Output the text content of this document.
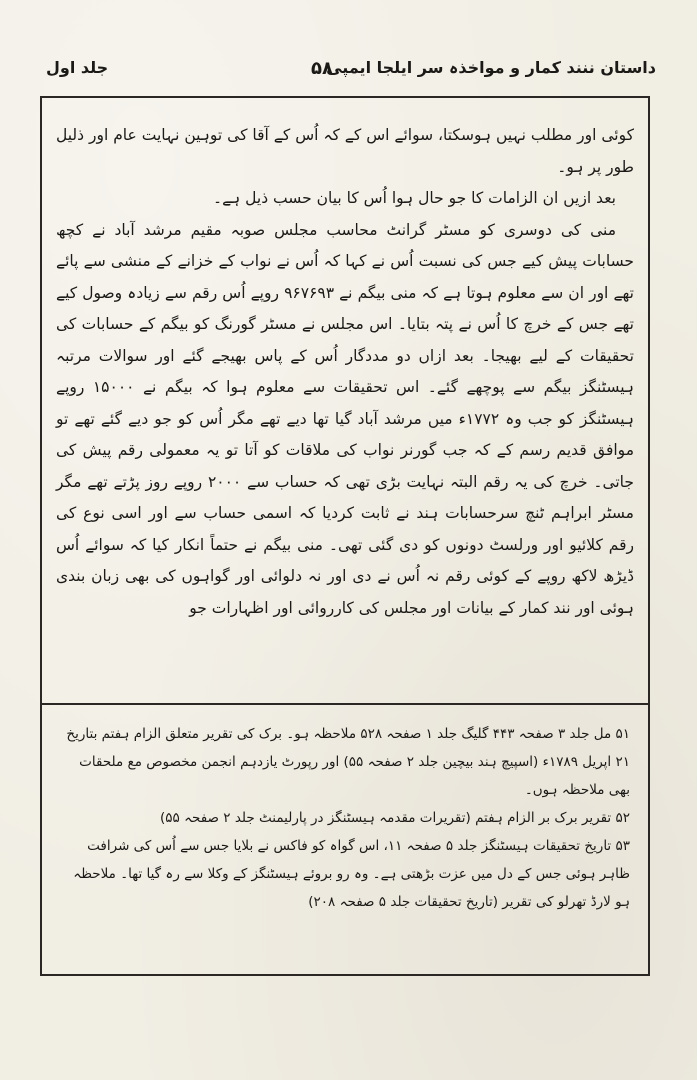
داستان ننند کمار و مواخذہ سر ایلجا ایمپی
۵۸
جلد اول

کوئی اور مطلب نہیں ہوسکتا، سوائے اس کے کہ اُس کے آقا کی توہین نہایت عام اور ذلیل طور پر ہو۔

بعد ازیں ان الزامات کا جو حال ہوا اُس کا بیان حسب ذیل ہے۔

منی کی دوسری کو مسٹر گرانٹ محاسب مجلس صوبہ مقیم مرشد آباد نے کچھ حسابات پیش کیے جس کی نسبت اُس نے کہا کہ اُس نے نواب کے خزانے کے منشی سے پائے تھے اور ان سے معلوم ہوتا ہے کہ منی بیگم نے ۹۶۷۶۹۳ روپے اُس رقم سے زیادہ وصول کیے تھے جس کے خرچ کا اُس نے پتہ بتایا۔ اس مجلس نے مسٹر گورنگ کو بیگم کے حسابات کی تحقیقات کے لیے بھیجا۔ بعد ازاں دو مددگار اُس کے پاس بھیجے گئے اور سوالات مرتبہ ہیسٹنگز بیگم سے پوچھے گئے۔ اس تحقیقات سے معلوم ہوا کہ بیگم نے ۱۵۰۰۰ روپے ہیسٹنگز کو جب وہ ۱۷۷۲ء میں مرشد آباد گیا تھا دیے تھے مگر اُس کو جو دیے گئے تھے تو موافق قدیم رسم کے کہ جب گورنر نواب کی ملاقات کو آتا تو یہ معمولی رقم پیش کی جاتی۔ خرچ کی یہ رقم البتہ نہایت بڑی تھی کہ حساب سے ۲۰۰۰ روپے روز پڑتے تھے مگر مسٹر ابراہم ٹنچ سرحسابات ہند نے ثابت کردیا کہ اسمی حساب سے اور اسی نوع کی رقم کلائیو اور ورلسٹ دونوں کو دی گئی تھی۔ منی بیگم نے حتماً انکار کیا کہ سوائے اُس ڈیڑھ لاکھ روپے کے کوئی رقم نہ اُس نے دی اور نہ دلوائی اور گواہوں کی بھی زبان بندی ہوئی اور نند کمار کے بیانات اور مجلس کی کارروائی اور اظہارات جو

۵۱ مل جلد ۳ صفحہ ۴۴۳ گلیگ جلد ۱ صفحہ ۵۲۸ ملاحظہ ہو۔ برک کی تقریر متعلق الزام ہفتم بتاریخ ۲۱ اپریل ۱۷۸۹ء (اسپیچ ہند بیچین جلد ۲ صفحہ ۵۵) اور رپورٹ یازدہم انجمن مخصوص مع ملحقات بھی ملاحظہ ہوں۔

۵۲ تقریر برک بر الزام ہفتم (تقریرات مقدمہ ہیسٹنگز در پارلیمنٹ جلد ۲ صفحہ ۵۵)

۵۳ تاریخ تحقیقات ہیسٹنگز جلد ۵ صفحہ ۱۱، اس گواہ کو فاکس نے بلایا جس سے اُس کی شرافت ظاہر ہوئی جس کے دل میں عزت بڑھتی ہے۔ وہ رو بروئے ہیسٹنگز کے وکلا سے رہ گیا تھا۔ ملاحظہ ہو لارڈ تھرلو کی تقریر (تاریخ تحقیقات جلد ۵ صفحہ ۲۰۸)
